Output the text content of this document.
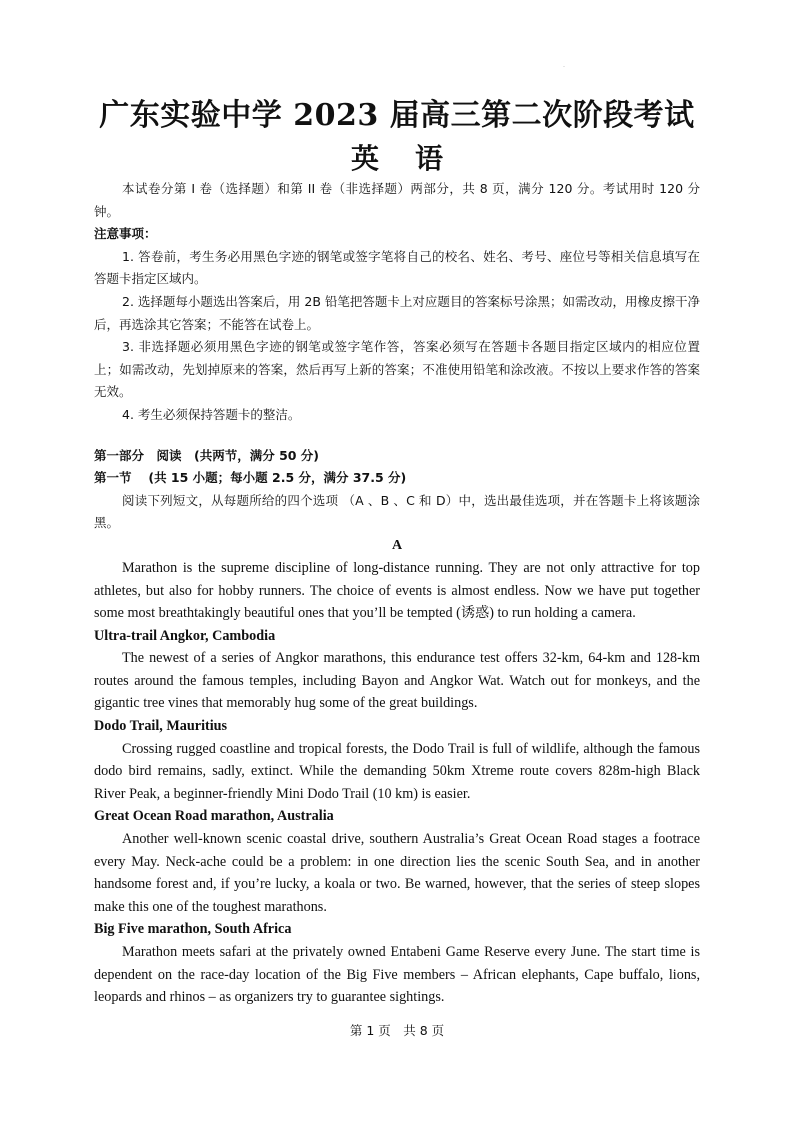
·
广东实验中学 2023 届高三第二次阶段考试
英语

本试卷分第 I 卷（选择题）和第 II 卷（非选择题）两部分，共 8 页，满分 120 分。考试用时 120 分钟。

注意事项：

1. 答卷前，考生务必用黑色字迹的钢笔或签字笔将自己的校名、姓名、考号、座位号等相关信息填写在答题卡指定区域内。

2. 选择题每小题选出答案后，用 2B 铅笔把答题卡上对应题目的答案标号涂黑；如需改动，用橡皮擦干净后，再选涂其它答案；不能答在试卷上。

3. 非选择题必须用黑色字迹的钢笔或签字笔作答，答案必须写在答题卡各题目指定区域内的相应位置上；如需改动，先划掉原来的答案，然后再写上新的答案；不准使用铅笔和涂改液。不按以上要求作答的答案无效。

4. 考生必须保持答题卡的整洁。

第一部分　阅读　(共两节，满分 50 分)

第一节　 (共 15 小题；每小题 2.5 分，满分 37.5 分)

阅读下列短文，从每题所给的四个选项 （A 、B 、C 和 D）中，选出最佳选项，并在答题卡上将该题涂黑。

A

Marathon is the supreme discipline of long-distance running. They are not only attractive for top athletes, but also for hobby runners. The choice of events is almost endless. Now we have put together some most breathtakingly beautiful ones that you’ll be tempted (诱惑) to run holding a camera.

Ultra-trail Angkor, Cambodia

The newest of a series of Angkor marathons, this endurance test offers 32-km, 64-km and 128-km routes around the famous temples, including Bayon and Angkor Wat. Watch out for monkeys, and the gigantic tree vines that memorably hug some of the great buildings.

Dodo Trail, Mauritius

Crossing rugged coastline and tropical forests, the Dodo Trail is full of wildlife, although the famous dodo bird remains, sadly, extinct. While the demanding 50km Xtreme route covers 828m-high Black River Peak, a beginner-friendly Mini Dodo Trail (10 km) is easier.

Great Ocean Road marathon, Australia

Another well-known scenic coastal drive, southern Australia’s Great Ocean Road stages a footrace every May. Neck-ache could be a problem: in one direction lies the scenic South Sea, and in another handsome forest and, if you’re lucky, a koala or two. Be warned, however, that the series of steep slopes make this one of the toughest marathons.

Big Five marathon, South Africa

Marathon meets safari at the privately owned Entabeni Game Reserve every June. The start time is dependent on the race-day location of the Big Five members – African elephants, Cape buffalo, lions, leopards and rhinos – as organizers try to guarantee sightings.

第 1 页　共 8 页
